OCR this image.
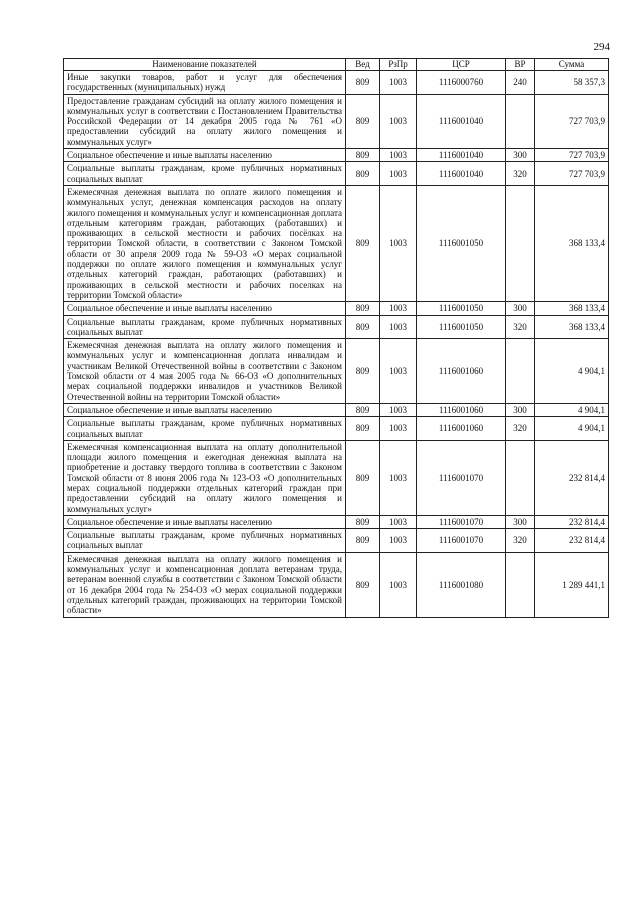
294
Наименование показателей	Вед	РзПр	ЦСР	ВР	Сумма
Иные закупки товаров, работ и услуг для обеспечения государственных (муниципальных) нужд	809	1003	1116000760	240	58 357,3
Предоставление гражданам субсидий на оплату жилого помещения и коммунальных услуг в соответствии с Постановлением Правительства Российской Федерации от 14 декабря 2005 года № 761 «О предоставлении субсидий на оплату жилого помещения и коммунальных услуг»	809	1003	1116001040		727 703,9
Социальное обеспечение и иные выплаты населению	809	1003	1116001040	300	727 703,9
Социальные выплаты гражданам, кроме публичных нормативных социальных выплат	809	1003	1116001040	320	727 703,9
Ежемесячная денежная выплата по оплате жилого помещения и коммунальных услуг, денежная компенсация расходов на оплату жилого помещения и коммунальных услуг и компенсационная доплата отдельным категориям граждан, работающих (работавших) и проживающих в сельской местности и рабочих посёлках на территории Томской области, в соответствии с Законом Томской области от 30 апреля 2009 года № 59-ОЗ «О мерах социальной поддержки по оплате жилого помещения и коммунальных услуг отдельных категорий граждан, работающих (работавших) и проживающих в сельской местности и рабочих поселках на территории Томской области»	809	1003	1116001050		368 133,4
Социальное обеспечение и иные выплаты населению	809	1003	1116001050	300	368 133,4
Социальные выплаты гражданам, кроме публичных нормативных социальных выплат	809	1003	1116001050	320	368 133,4
Ежемесячная денежная выплата на оплату жилого помещения и коммунальных услуг и компенсационная доплата инвалидам и участникам Великой Отечественной войны в соответствии с Законом Томской области от 4 мая 2005 года № 66-ОЗ «О дополнительных мерах социальной поддержки инвалидов и участников Великой Отечественной войны на территории Томской области»	809	1003	1116001060		4 904,1
Социальное обеспечение и иные выплаты населению	809	1003	1116001060	300	4 904,1
Социальные выплаты гражданам, кроме публичных нормативных социальных выплат	809	1003	1116001060	320	4 904,1
Ежемесячная компенсационная выплата на оплату дополнительной площади жилого помещения и ежегодная денежная выплата на приобретение и доставку твердого топлива в соответствии с Законом Томской области от 8 июня 2006 года № 123-ОЗ «О дополнительных мерах социальной поддержки отдельных категорий граждан при предоставлении субсидий на оплату жилого помещения и коммунальных услуг»	809	1003	1116001070		232 814,4
Социальное обеспечение и иные выплаты населению	809	1003	1116001070	300	232 814,4
Социальные выплаты гражданам, кроме публичных нормативных социальных выплат	809	1003	1116001070	320	232 814,4
Ежемесячная денежная выплата на оплату жилого помещения и коммунальных услуг и компенсационная доплата ветеранам труда, ветеранам военной службы в соответствии с Законом Томской области от 16 декабря 2004 года № 254-ОЗ «О мерах социальной поддержки отдельных категорий граждан, проживающих на территории Томской области»	809	1003	1116001080		1 289 441,1
